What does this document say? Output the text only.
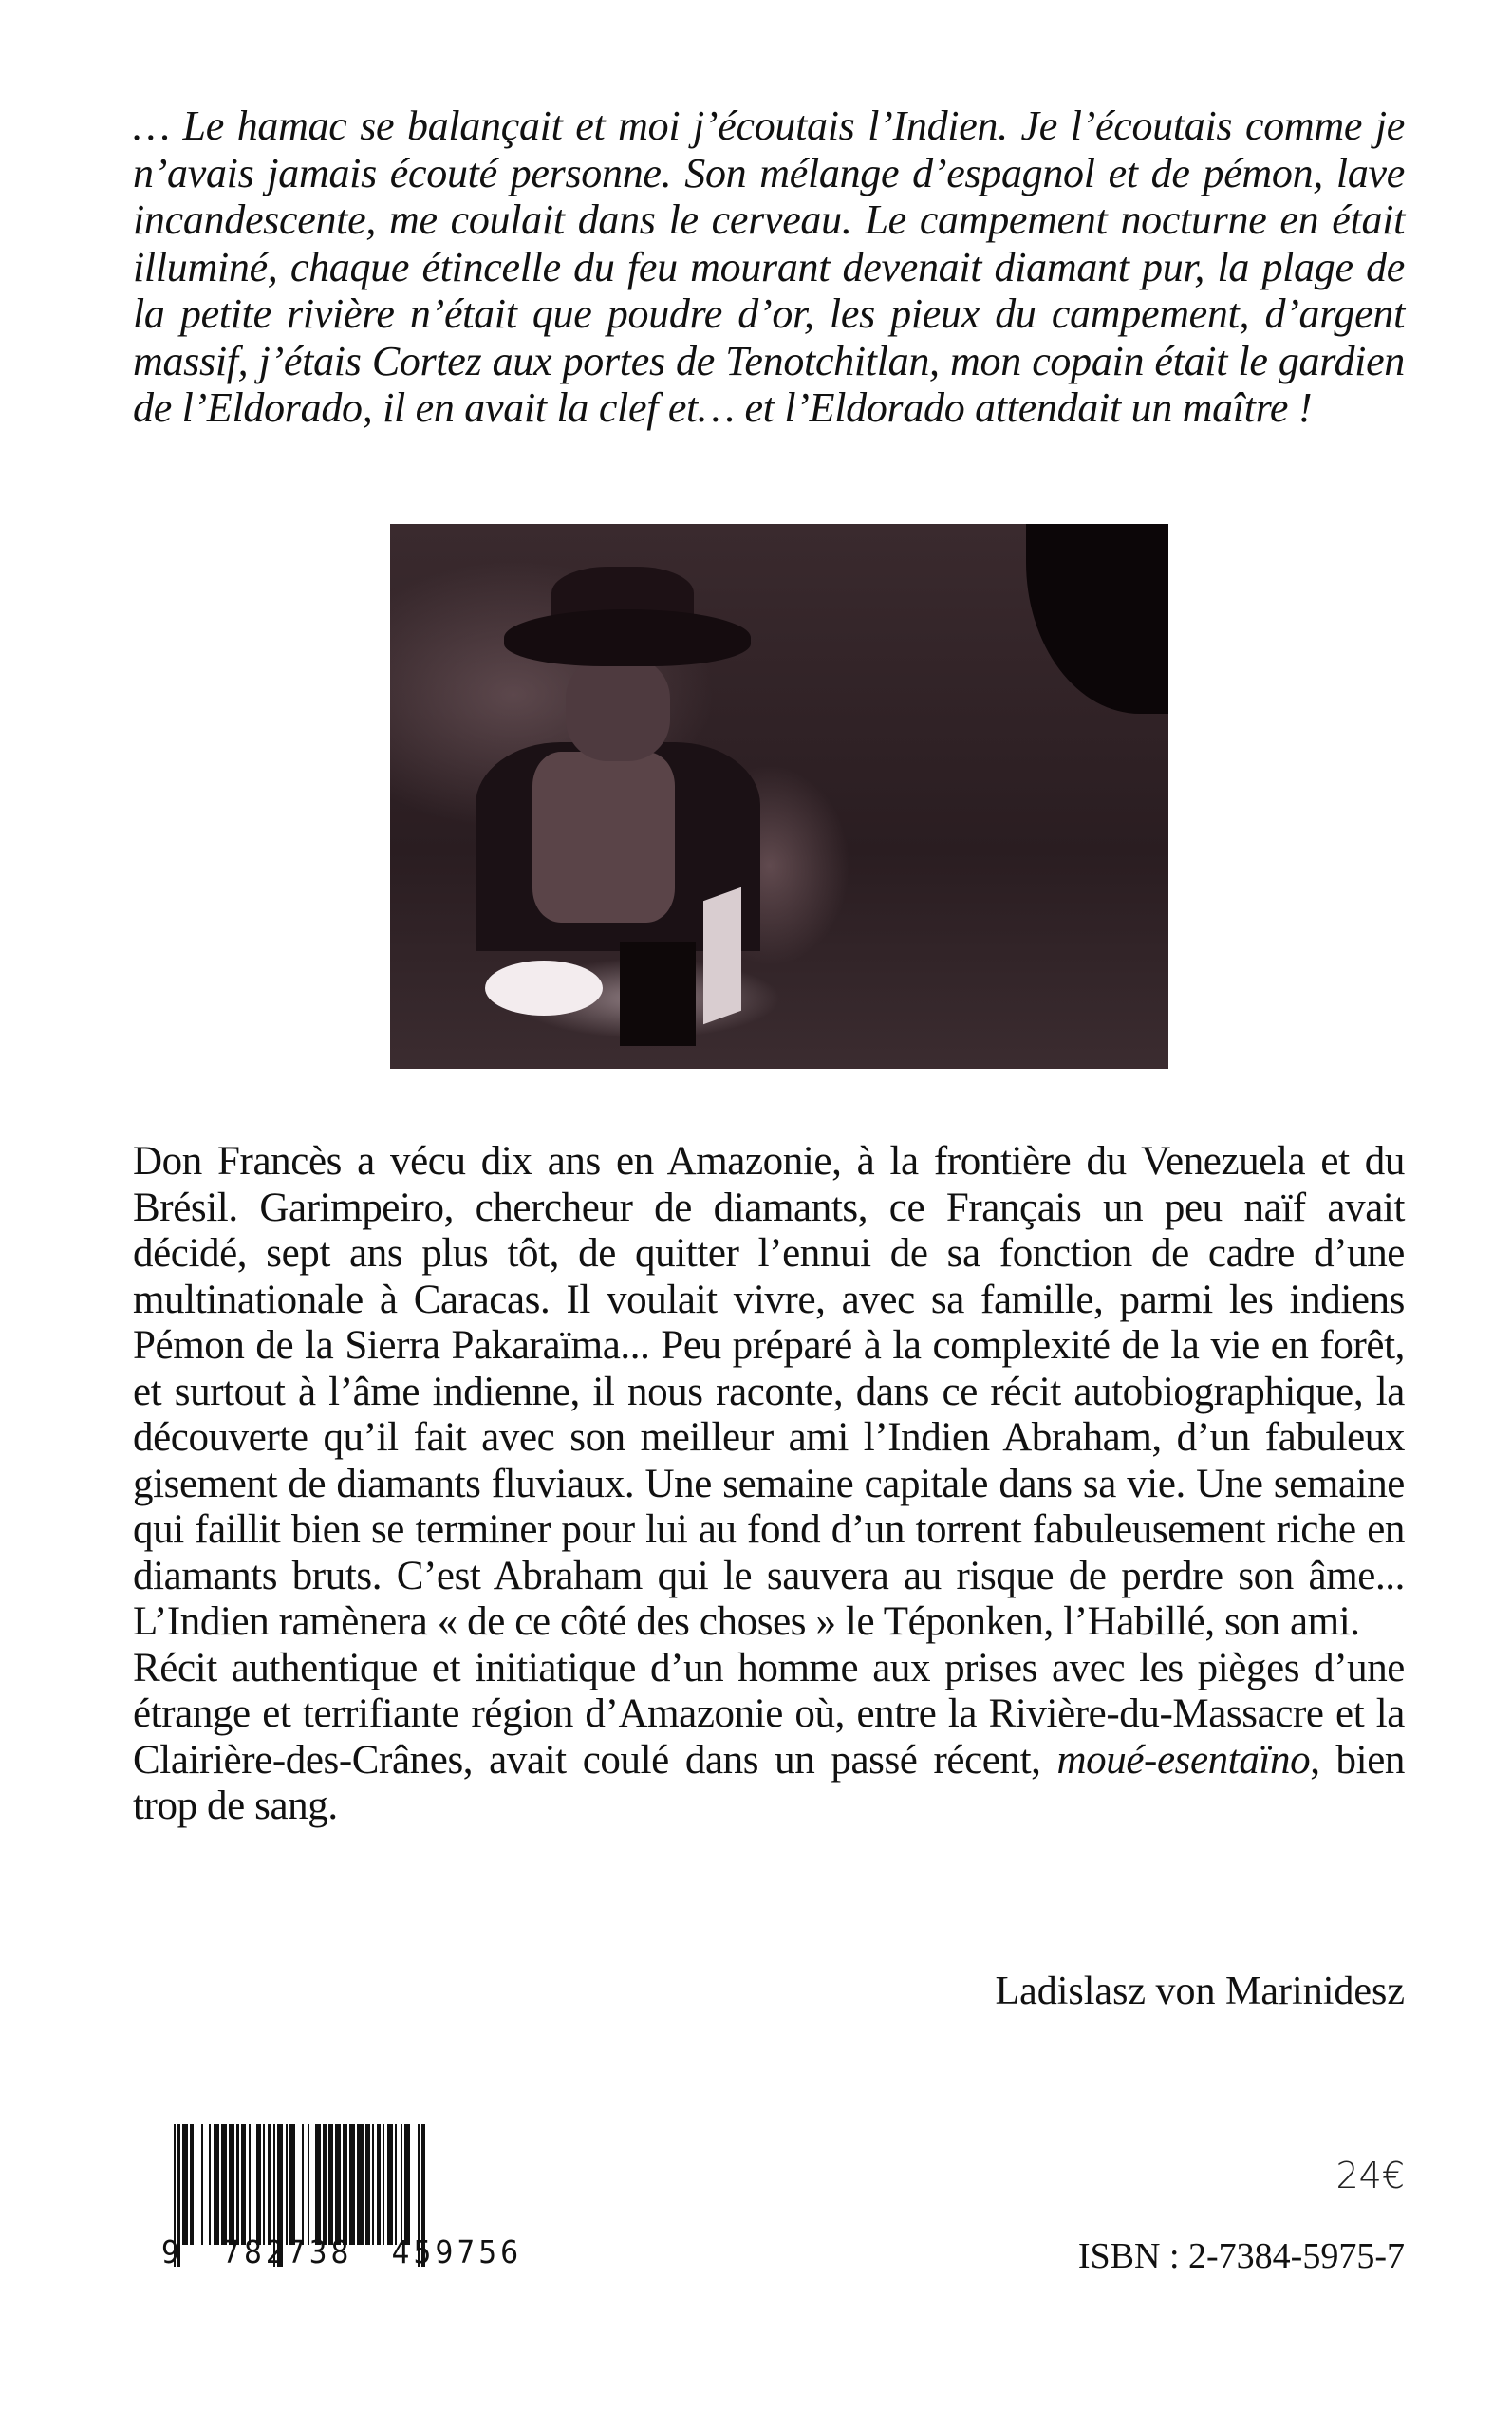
… Le hamac se balançait et moi j’écoutais l’Indien. Je l’écoutais comme je n’avais jamais écouté personne. Son mélange d’espagnol et de pémon, lave incandescente, me coulait dans le cerveau. Le campement nocturne en était illuminé, chaque étincelle du feu mourant devenait diamant pur, la plage de la petite rivière n’était que poudre d’or, les pieux du campement, d’argent massif, j’étais Cortez aux portes de Tenotchitlan, mon copain était le gardien de l’Eldorado, il en avait la clef et… et l’Eldorado attendait un maître !

Don Francès a vécu dix ans en Amazonie, à la frontière du Venezuela et du Brésil. Garimpeiro, chercheur de diamants, ce Français un peu naïf avait décidé, sept ans plus tôt, de quitter l’ennui de sa fonction de cadre d’une multinationale à Caracas. Il voulait vivre, avec sa famille, parmi les indiens Pémon de la Sierra Pakaraïma... Peu préparé à la complexité de la vie en forêt, et surtout à l’âme indienne, il nous raconte, dans ce récit autobiographique, la découverte qu’il fait avec son meilleur ami l’Indien Abraham, d’un fabuleux gisement de diamants fluviaux. Une semaine capitale dans sa vie. Une semaine qui faillit bien se terminer pour lui au fond d’un torrent fabuleusement riche en diamants bruts. C’est Abraham qui le sauvera au risque de perdre son âme... L’Indien ramènera « de ce côté des choses » le Téponken, l’Habillé, son ami.

Récit authentique et initiatique d’un homme aux prises avec les pièges d’une étrange et terrifiante région d’Amazonie où, entre la Rivière-du-Massacre et la Clairière-des-Crânes, avait coulé dans un passé récent, moué-esentaïno, bien trop de sang.

Ladislasz von Marinidesz
9 782738 459756
24€
ISBN : 2-7384-5975-7
